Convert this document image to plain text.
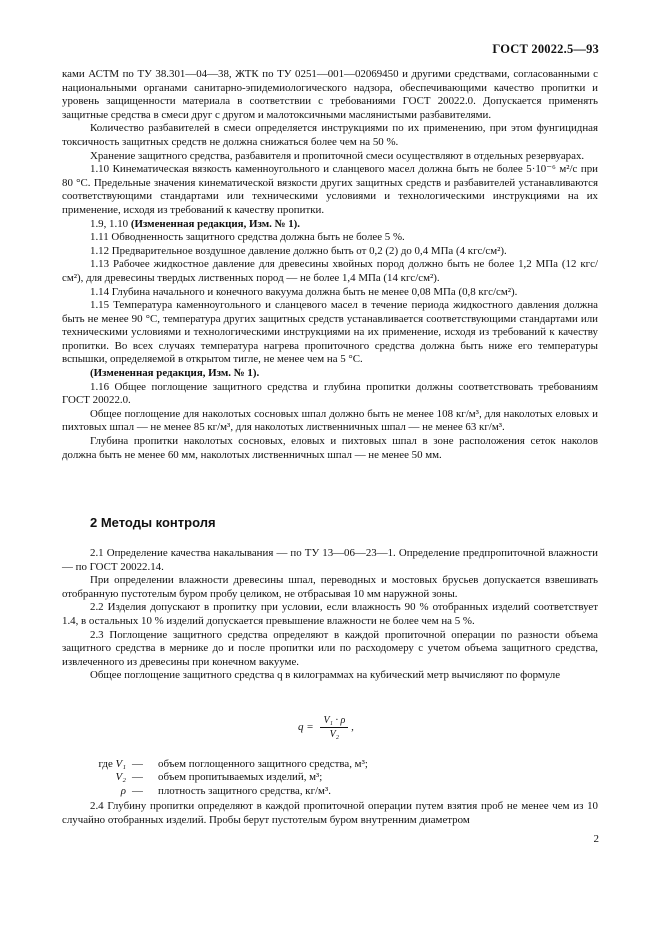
ГОСТ 20022.5—93

ками АСТМ по ТУ 38.301—04—38, ЖТК по ТУ 0251—001—02069450 и другими средствами, согласованными с национальными органами санитарно-эпидемиологического надзора, обеспечивающими качество пропитки и уровень защищенности материала в соответствии с требованиями ГОСТ 20022.0. Допускается применять защитные средства в смеси друг с другом и малотоксичными маслянистыми разбавителями.

Количество разбавителей в смеси определяется инструкциями по их применению, при этом фунгицидная токсичность защитных средств не должна снижаться более чем на 50 %.

Хранение защитного средства, разбавителя и пропиточной смеси осуществляют в отдельных резервуарах.

1.10 Кинематическая вязкость каменноугольного и сланцевого масел должна быть не более 5·10⁻⁶ м²/с при 80 °С. Предельные значения кинематической вязкости других защитных средств и разбавителей устанавливаются соответствующими стандартами или техническими условиями и технологическими инструкциями на их применение, исходя из требований к качеству пропитки.

1.9, 1.10 (Измененная редакция, Изм. № 1).

1.11 Обводненность защитного средства должна быть не более 5 %.

1.12 Предварительное воздушное давление должно быть от 0,2 (2) до 0,4 МПа (4 кгс/см²).

1.13 Рабочее жидкостное давление для древесины хвойных пород должно быть не более 1,2 МПа (12 кгс/см²), для древесины твердых лиственных пород — не более 1,4 МПа (14 кгс/см²).

1.14 Глубина начального и конечного вакуума должна быть не менее 0,08 МПа (0,8 кгс/см²).

1.15 Температура каменноугольного и сланцевого масел в течение периода жидкостного давления должна быть не менее 90 °С, температура других защитных средств устанавливается соответствующими стандартами или техническими условиями и технологическими инструкциями на их применение, исходя из требований к качеству пропитки. Во всех случаях температура нагрева пропиточного средства должна быть ниже его температуры вспышки, определяемой в открытом тигле, не менее чем на 5 °С.

(Измененная редакция, Изм. № 1).

1.16 Общее поглощение защитного средства и глубина пропитки должны соответствовать требованиям ГОСТ 20022.0.

Общее поглощение для наколотых сосновых шпал должно быть не менее 108 кг/м³, для наколотых еловых и пихтовых шпал — не менее 85 кг/м³, для наколотых лиственничных шпал — не менее 63 кг/м³.

Глубина пропитки наколотых сосновых, еловых и пихтовых шпал в зоне расположения сеток наколов должна быть не менее 60 мм, наколотых лиственничных шпал — не менее 50 мм.

2 Методы контроля

2.1 Определение качества накалывания — по ТУ 13—06—23—1. Определение предпропиточной влажности — по ГОСТ 20022.14.

При определении влажности древесины шпал, переводных и мостовых брусьев допускается взвешивать отобранную пустотелым буром пробу целиком, не отбрасывая 10 мм наружной зоны.

2.2 Изделия допускают в пропитку при условии, если влажность 90 % отобранных изделий соответствует 1.4, в остальных 10 % изделий допускается превышение влажности не более чем на 5 %.

2.3 Поглощение защитного средства определяют в каждой пропиточной операции по разности объема защитного средства в мернике до и после пропитки или по расходомеру с учетом объема защитного средства, извлеченного из древесины при конечном вакууме.

Общее поглощение защитного средства q в килограммах на кубический метр вычисляют по формуле

$q = \frac{\text{V₁ · ρ}}{\text{V₂}}$ ,
где V₁ —	объем поглощенного защитного средства, м³;
V₂ —	объем пропитываемых изделий, м³;
ρ —	плотность защитного средства, кг/м³.

2.4 Глубину пропитки определяют в каждой пропиточной операции путем взятия проб не менее чем из 10 случайно отобранных изделий. Пробы берут пустотелым буром внутренним диаметром

2
